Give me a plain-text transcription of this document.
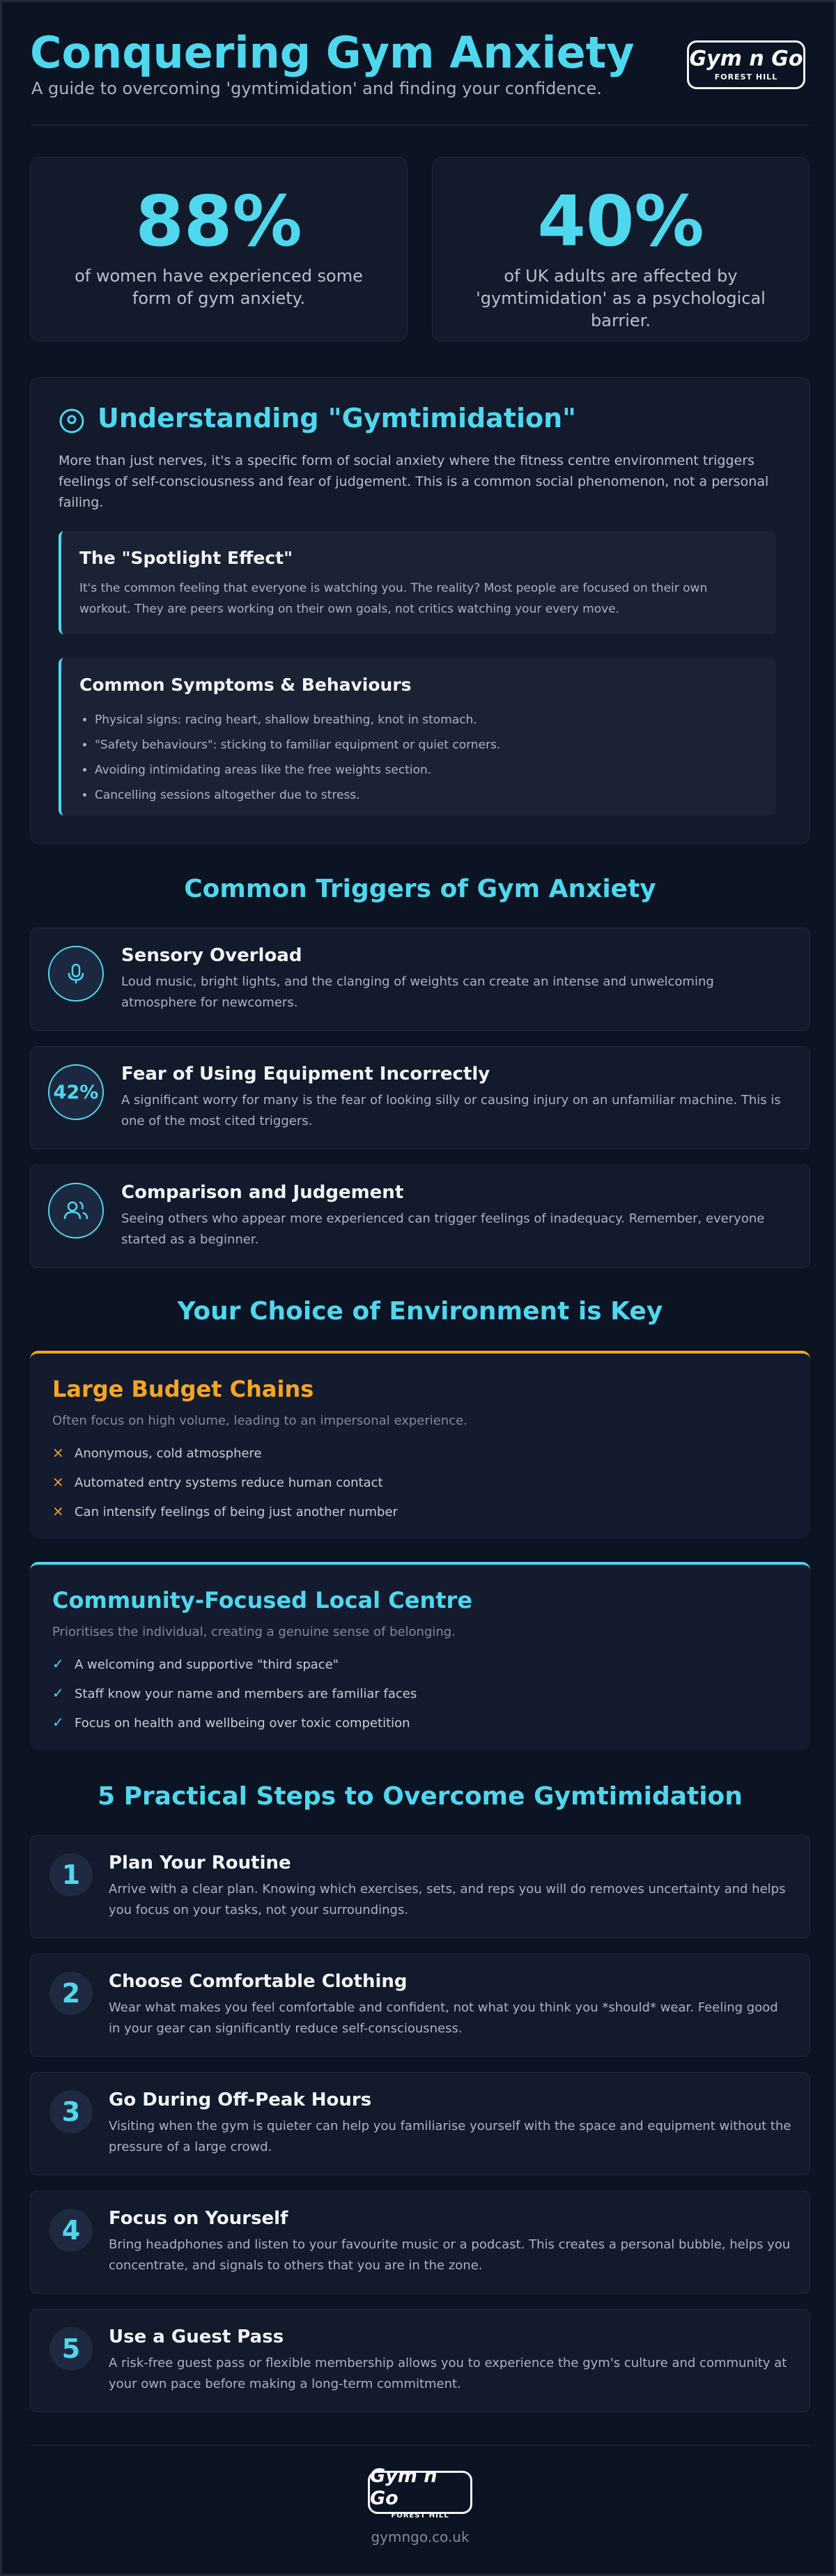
Conquering Gym Anxiety
A guide to overcoming 'gymtimidation' and finding your confidence.
Gym n Go
FOREST HILL
88%
of women have experienced some form of gym anxiety.
40%
of UK adults are affected by 'gymtimidation' as a psychological barrier.
Understanding "Gymtimidation"
More than just nerves, it's a specific form of social anxiety where the fitness centre environment triggers feelings of self-consciousness and fear of judgement. This is a common social phenomenon, not a personal failing.
The "Spotlight Effect"
It's the common feeling that everyone is watching you. The reality? Most people are focused on their own workout. They are peers working on their own goals, not critics watching your every move.
Common Symptoms & Behaviours
• Physical signs: racing heart, shallow breathing, knot in stomach.
• "Safety behaviours": sticking to familiar equipment or quiet corners.
• Avoiding intimidating areas like the free weights section.
• Cancelling sessions altogether due to stress.
Common Triggers of Gym Anxiety
Sensory Overload
Loud music, bright lights, and the clanging of weights can create an intense and unwelcoming atmosphere for newcomers.
42%
Fear of Using Equipment Incorrectly
A significant worry for many is the fear of looking silly or causing injury on an unfamiliar machine. This is one of the most cited triggers.
Comparison and Judgement
Seeing others who appear more experienced can trigger feelings of inadequacy. Remember, everyone started as a beginner.
Your Choice of Environment is Key
Large Budget Chains
Often focus on high volume, leading to an impersonal experience.
× Anonymous, cold atmosphere
× Automated entry systems reduce human contact
× Can intensify feelings of being just another number
Community-Focused Local Centre
Prioritises the individual, creating a genuine sense of belonging.
✓ A welcoming and supportive "third space"
✓ Staff know your name and members are familiar faces
✓ Focus on health and wellbeing over toxic competition
5 Practical Steps to Overcome Gymtimidation
1	Plan Your Routine
Arrive with a clear plan. Knowing which exercises, sets, and reps you will do removes uncertainty and helps you focus on your tasks, not your surroundings.
2	Choose Comfortable Clothing
Wear what makes you feel comfortable and confident, not what you think you *should* wear. Feeling good in your gear can significantly reduce self-consciousness.
3	Go During Off-Peak Hours
Visiting when the gym is quieter can help you familiarise yourself with the space and equipment without the pressure of a large crowd.
4	Focus on Yourself
Bring headphones and listen to your favourite music or a podcast. This creates a personal bubble, helps you concentrate, and signals to others that you are in the zone.
5	Use a Guest Pass
A risk-free guest pass or flexible membership allows you to experience the gym's culture and community at your own pace before making a long-term commitment.
Gym n Go
FOREST HILL
gymngo.co.uk
